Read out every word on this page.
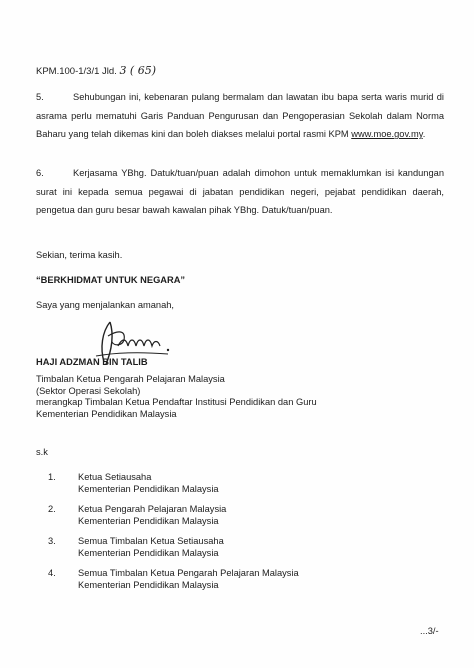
KPM.100-1/3/1 Jld. 3 ( 65)
5.	Sehubungan ini, kebenaran pulang bermalam dan lawatan ibu bapa serta waris murid di asrama perlu mematuhi Garis Panduan Pengurusan dan Pengoperasian Sekolah dalam Norma Baharu yang telah dikemas kini dan boleh diakses melalui portal rasmi KPM www.moe.gov.my.
6.	Kerjasama YBhg. Datuk/tuan/puan adalah dimohon untuk memaklumkan isi kandungan surat ini kepada semua pegawai di jabatan pendidikan negeri, pejabat pendidikan daerah, pengetua dan guru besar bawah kawalan pihak YBhg. Datuk/tuan/puan.
Sekian, terima kasih.
“BERKHIDMAT UNTUK NEGARA”
Saya yang menjalankan amanah,
HAJI ADZMAN BIN TALIB
Timbalan Ketua Pengarah Pelajaran Malaysia
(Sektor Operasi Sekolah)
merangkap Timbalan Ketua Pendaftar Institusi Pendidikan dan Guru
Kementerian Pendidikan Malaysia
s.k
1. Ketua Setiausaha
Kementerian Pendidikan Malaysia
2. Ketua Pengarah Pelajaran Malaysia
Kementerian Pendidikan Malaysia
3. Semua Timbalan Ketua Setiausaha
Kementerian Pendidikan Malaysia
4. Semua Timbalan Ketua Pengarah Pelajaran Malaysia
Kementerian Pendidikan Malaysia
...3/-
